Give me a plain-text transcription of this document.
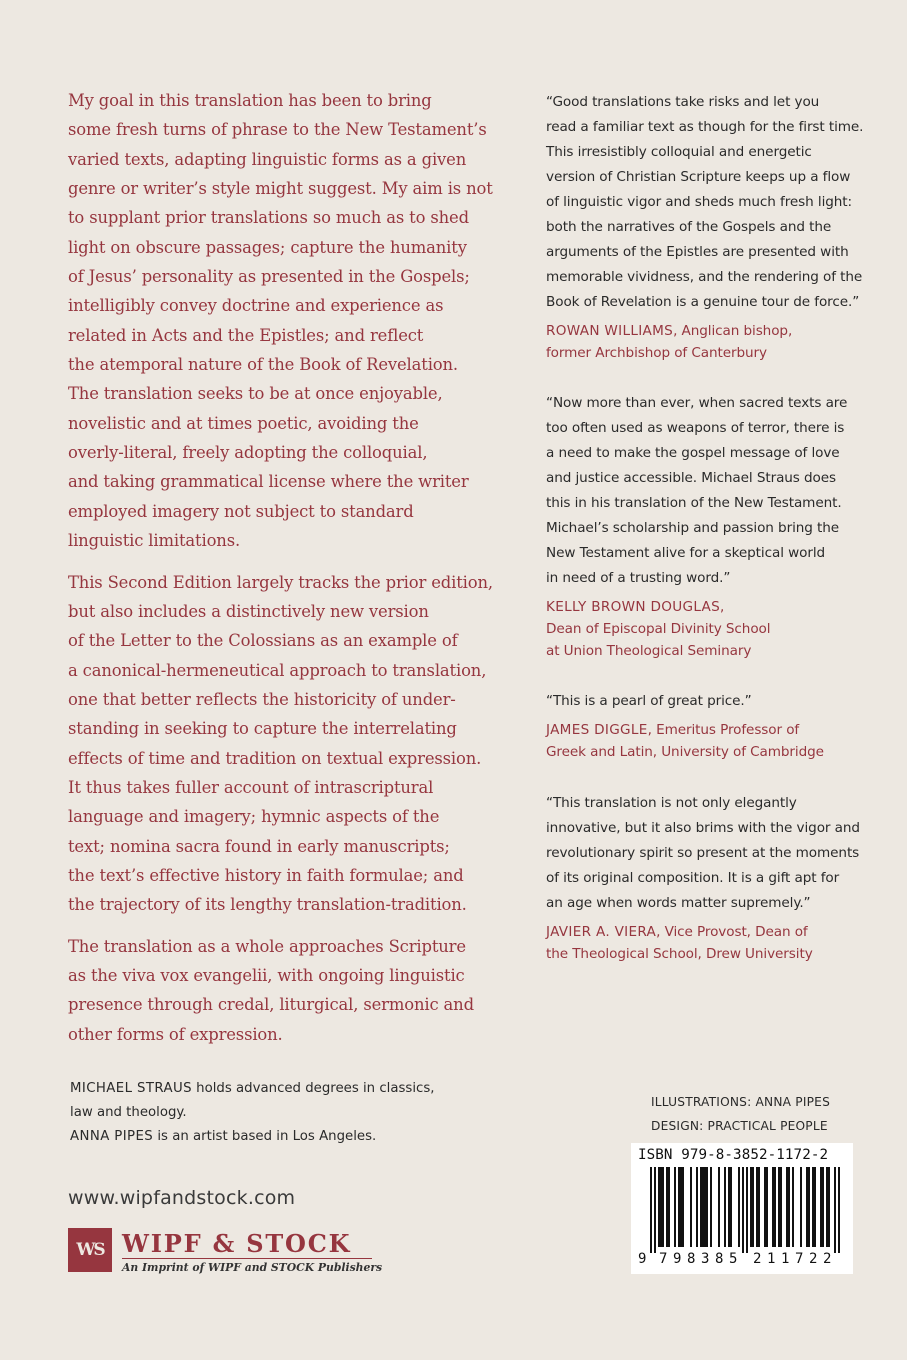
My goal in this translation has been to bring
some fresh turns of phrase to the New Testament’s
varied texts, adapting linguistic forms as a given
genre or writer’s style might suggest. My aim is not
to supplant prior translations so much as to shed
light on obscure passages; capture the humanity
of Jesus’ personality as presented in the Gospels;
intelligibly convey doctrine and experience as
related in Acts and the Epistles; and reflect
the atemporal nature of the Book of Revelation.
The translation seeks to be at once enjoyable,
novelistic and at times poetic, avoiding the
overly-literal, freely adopting the colloquial,
and taking grammatical license where the writer
employed imagery not subject to standard
linguistic limitations.

This Second Edition largely tracks the prior edition,
but also includes a distinctively new version
of the Letter to the Colossians as an example of
a canonical-hermeneutical approach to translation,
one that better reflects the historicity of under-
standing in seeking to capture the interrelating
effects of time and tradition on textual expression.
It thus takes fuller account of intrascriptural
language and imagery; hymnic aspects of the
text; nomina sacra found in early manuscripts;
the text’s effective history in faith formulae; and
the trajectory of its lengthy translation-tradition.

The translation as a whole approaches Scripture
as the viva vox evangelii, with ongoing linguistic
presence through credal, liturgical, sermonic and
other forms of expression.

MICHAEL STRAUS holds advanced degrees in classics,
law and theology.

ANNA PIPES is an artist based in Los Angeles.

www.wipfandstock.com
WS WIPF & STOCK
An Imprint of WIPF and STOCK Publishers
“Good translations take risks and let you
read a familiar text as though for the first time.
This irresistibly colloquial and energetic
version of Christian Scripture keeps up a flow
of linguistic vigor and sheds much fresh light:
both the narratives of the Gospels and the
arguments of the Epistles are presented with
memorable vividness, and the rendering of the
Book of Revelation is a genuine tour de force.”
ROWAN WILLIAMS, Anglican bishop,
former Archbishop of Canterbury
“Now more than ever, when sacred texts are
too often used as weapons of terror, there is
a need to make the gospel message of love
and justice accessible. Michael Straus does
this in his translation of the New Testament.
Michael’s scholarship and passion bring the
New Testament alive for a skeptical world
in need of a trusting word.”
KELLY BROWN DOUGLAS,
Dean of Episcopal Divinity School
at Union Theological Seminary
“This is a pearl of great price.”
JAMES DIGGLE, Emeritus Professor of
Greek and Latin, University of Cambridge
“This translation is not only elegantly
innovative, but it also brims with the vigor and
revolutionary spirit so present at the moments
of its original composition. It is a gift apt for
an age when words matter supremely.”
JAVIER A. VIERA, Vice Provost, Dean of
the Theological School, Drew University
ILLUSTRATIONS: ANNA PIPES
DESIGN: PRACTICAL PEOPLE
ISBN 979-8-3852-1172-2
9 7 9 8 3 8 5 2 1 1 7 2 2
